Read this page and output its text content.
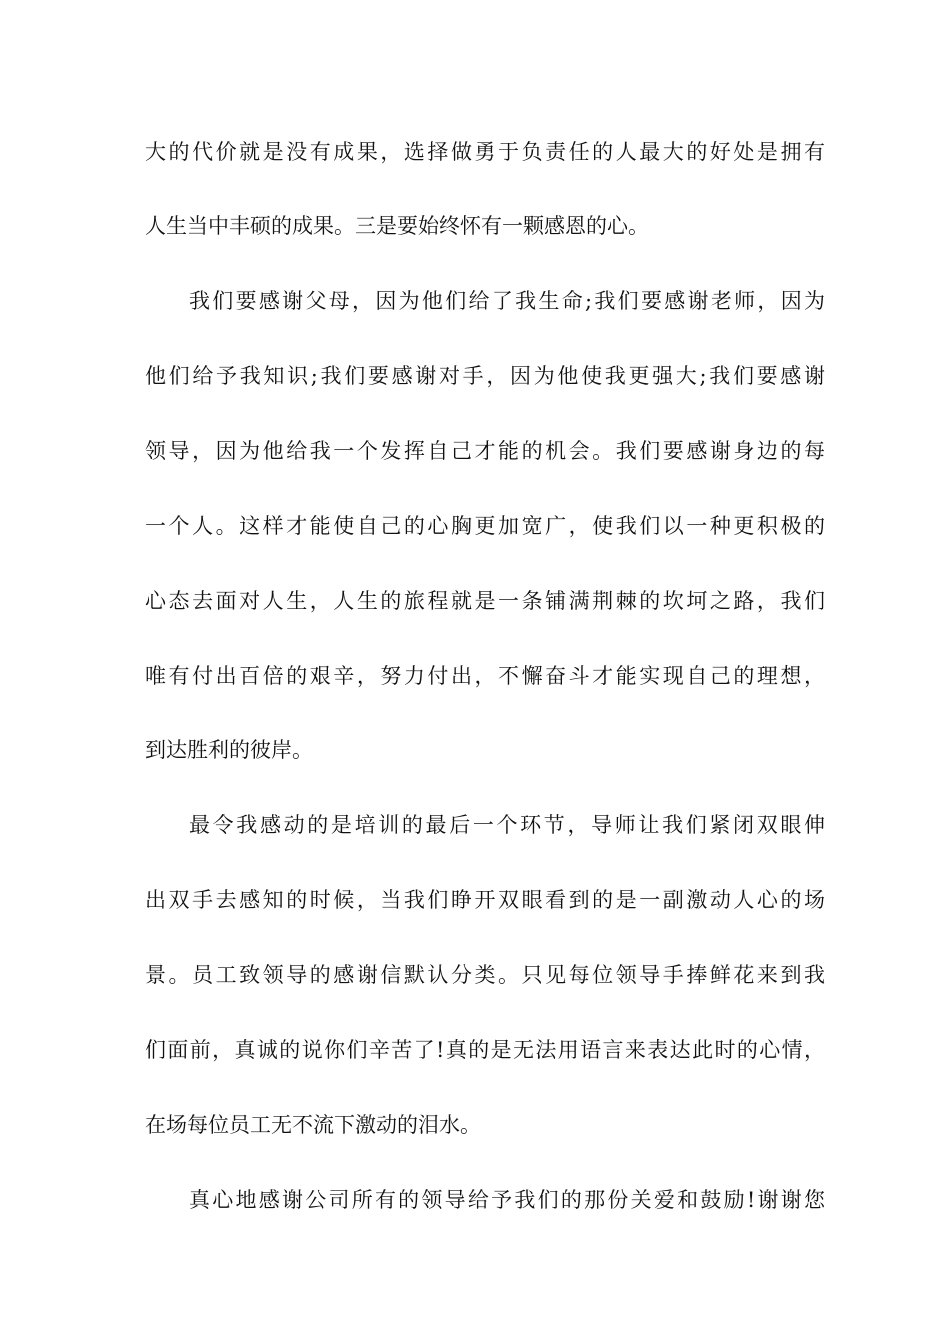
大的代价就是没有成果，选择做勇于负责任的人最大的好处是拥有
人生当中丰硕的成果。三是要始终怀有一颗感恩的心。
我们要感谢父母，因为他们给了我生命;我们要感谢老师，因为
他们给予我知识;我们要感谢对手，因为他使我更强大;我们要感谢
领导，因为他给我一个发挥自己才能的机会。我们要感谢身边的每
一个人。这样才能使自己的心胸更加宽广，使我们以一种更积极的
心态去面对人生，人生的旅程就是一条铺满荆棘的坎坷之路，我们
唯有付出百倍的艰辛，努力付出，不懈奋斗才能实现自己的理想，
到达胜利的彼岸。
最令我感动的是培训的最后一个环节，导师让我们紧闭双眼伸
出双手去感知的时候，当我们睁开双眼看到的是一副激动人心的场
景。员工致领导的感谢信默认分类。只见每位领导手捧鲜花来到我
们面前，真诚的说你们辛苦了!真的是无法用语言来表达此时的心情，
在场每位员工无不流下激动的泪水。
真心地感谢公司所有的领导给予我们的那份关爱和鼓励!谢谢您
